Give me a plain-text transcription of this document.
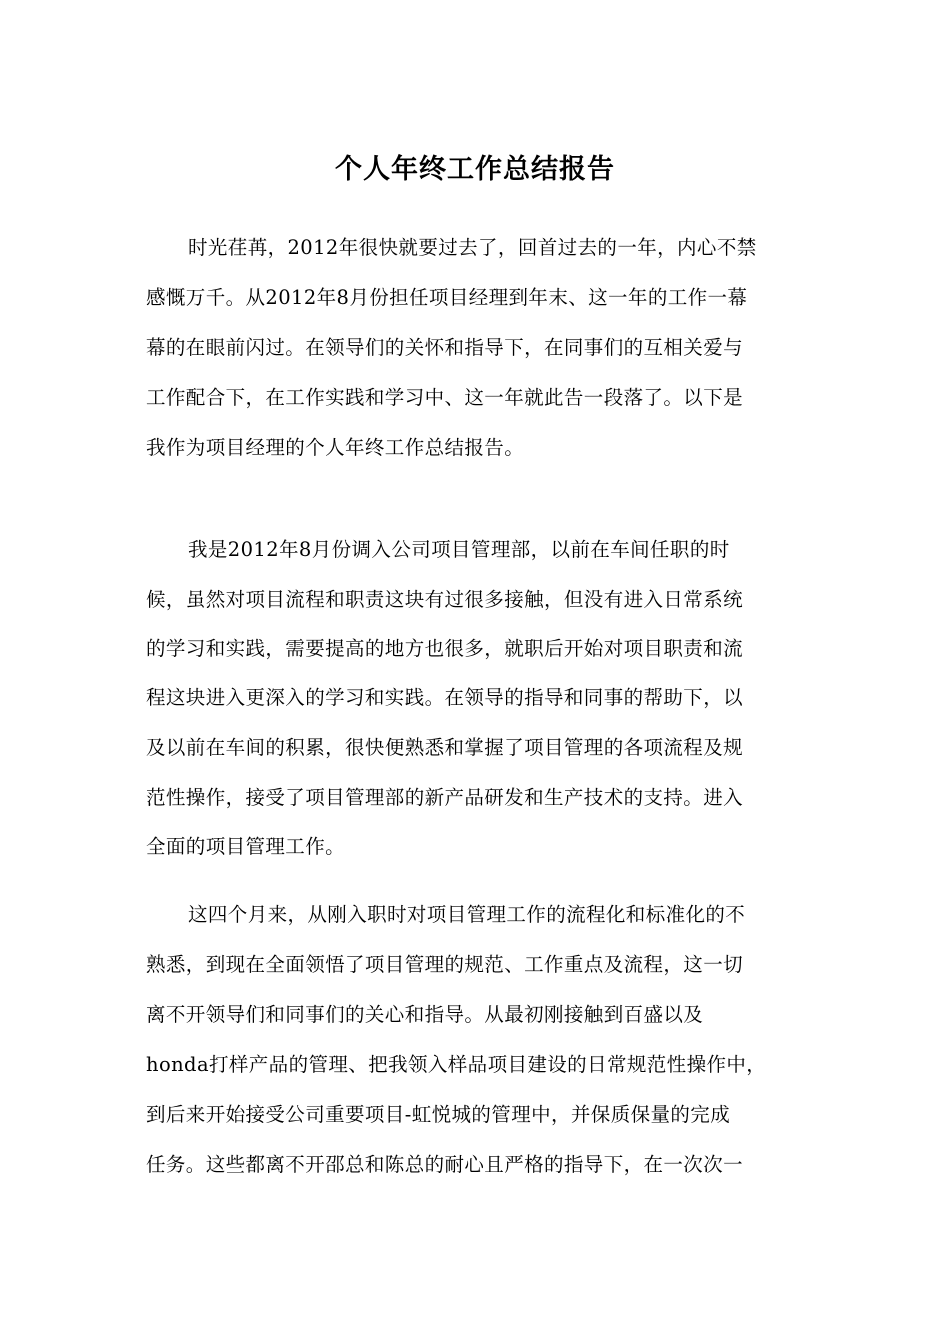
个人年终工作总结报告
时光荏苒，2012年很快就要过去了，回首过去的一年，内心不禁
感慨万千。从2012年8月份担任项目经理到年末、这一年的工作一幕
幕的在眼前闪过。在领导们的关怀和指导下，在同事们的互相关爱与
工作配合下，在工作实践和学习中、这一年就此告一段落了。以下是
我作为项目经理的个人年终工作总结报告。
我是2012年8月份调入公司项目管理部，以前在车间任职的时
候，虽然对项目流程和职责这块有过很多接触，但没有进入日常系统
的学习和实践，需要提高的地方也很多，就职后开始对项目职责和流
程这块进入更深入的学习和实践。在领导的指导和同事的帮助下，以
及以前在车间的积累，很快便熟悉和掌握了项目管理的各项流程及规
范性操作，接受了项目管理部的新产品研发和生产技术的支持。进入
全面的项目管理工作。
这四个月来，从刚入职时对项目管理工作的流程化和标准化的不
熟悉，到现在全面领悟了项目管理的规范、工作重点及流程，这一切
离不开领导们和同事们的关心和指导。从最初刚接触到百盛以及
honda打样产品的管理、把我领入样品项目建设的日常规范性操作中，
到后来开始接受公司重要项目-虹悦城的管理中，并保质保量的完成
任务。这些都离不开邵总和陈总的耐心且严格的指导下，在一次次一
